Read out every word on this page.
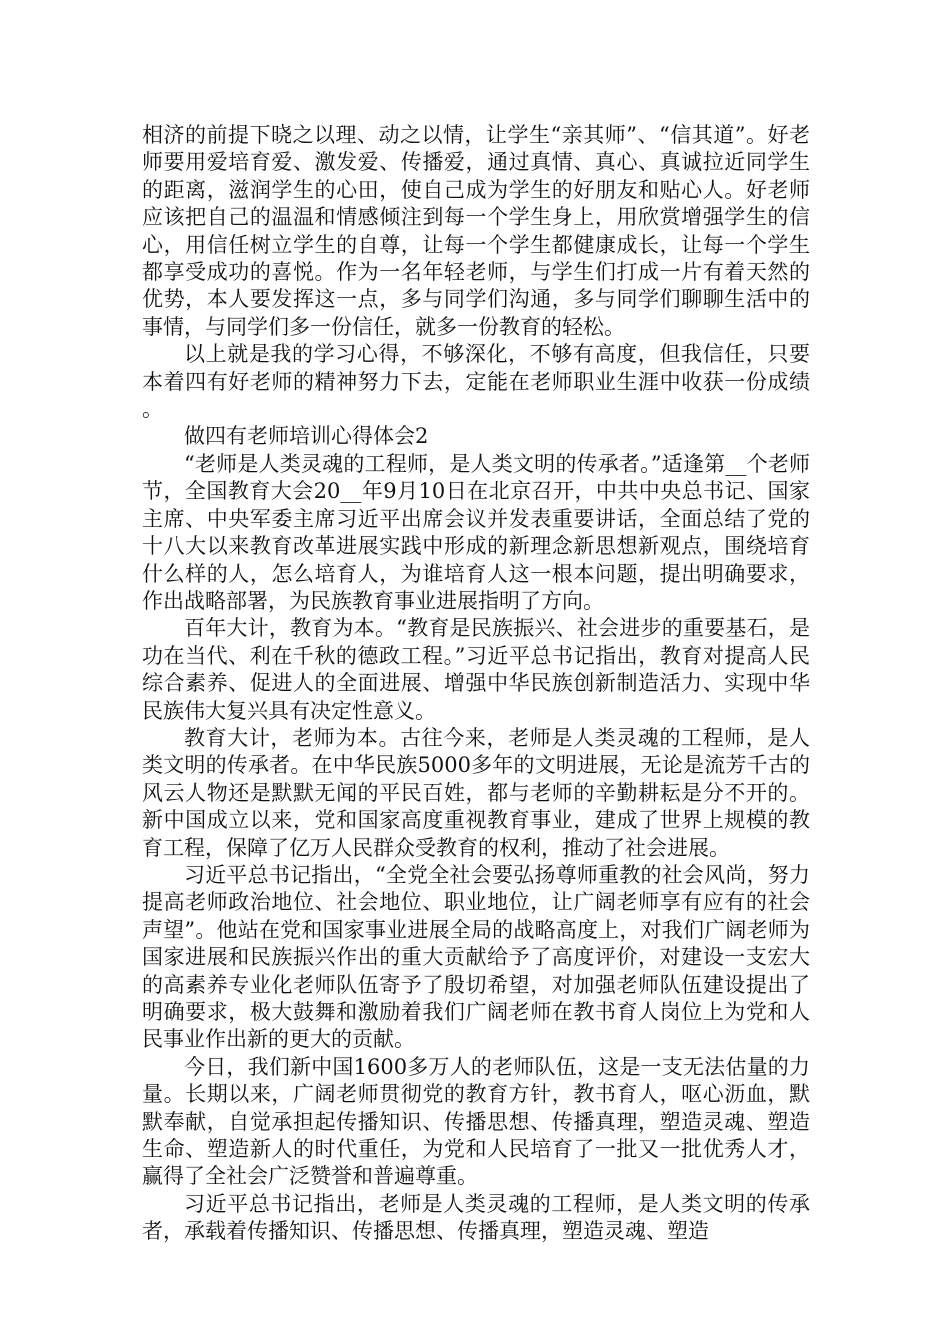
相济的前提下晓之以理、动之以情，让学生“亲其师”、“信其道”。好老师要用爱培育爱、激发爱、传播爱，通过真情、真心、真诚拉近同学生的距离，滋润学生的心田，使自己成为学生的好朋友和贴心人。好老师应该把自己的温温和情感倾注到每一个学生身上，用欣赏增强学生的信心，用信任树立学生的自尊，让每一个学生都健康成长，让每一个学生都享受成功的喜悦。作为一名年轻老师，与学生们打成一片有着天然的优势，本人要发挥这一点，多与同学们沟通，多与同学们聊聊生活中的事情，与同学们多一份信任，就多一份教育的轻松。

以上就是我的学习心得，不够深化，不够有高度，但我信任，只要本着四有好老师的精神努力下去，定能在老师职业生涯中收获一份成绩。

做四有老师培训心得体会2

“老师是人类灵魂的工程师，是人类文明的传承者。”适逢第__个老师节，全国教育大会20__年9月10日在北京召开，中共中央总书记、国家主席、中央军委主席习近平出席会议并发表重要讲话，全面总结了党的十八大以来教育改革进展实践中形成的新理念新思想新观点，围绕培育什么样的人，怎么培育人，为谁培育人这一根本问题，提出明确要求，作出战略部署，为民族教育事业进展指明了方向。

百年大计，教育为本。“教育是民族振兴、社会进步的重要基石，是功在当代、利在千秋的德政工程。”习近平总书记指出，教育对提高人民综合素养、促进人的全面进展、增强中华民族创新制造活力、实现中华民族伟大复兴具有决定性意义。

教育大计，老师为本。古往今来，老师是人类灵魂的工程师，是人类文明的传承者。在中华民族5000多年的文明进展，无论是流芳千古的风云人物还是默默无闻的平民百姓，都与老师的辛勤耕耘是分不开的。新中国成立以来，党和国家高度重视教育事业，建成了世界上规模的教育工程，保障了亿万人民群众受教育的权利，推动了社会进展。

习近平总书记指出，“全党全社会要弘扬尊师重教的社会风尚，努力提高老师政治地位、社会地位、职业地位，让广阔老师享有应有的社会声望”。他站在党和国家事业进展全局的战略高度上，对我们广阔老师为国家进展和民族振兴作出的重大贡献给予了高度评价，对建设一支宏大的高素养专业化老师队伍寄予了殷切希望，对加强老师队伍建设提出了明确要求，极大鼓舞和激励着我们广阔老师在教书育人岗位上为党和人民事业作出新的更大的贡献。

今日，我们新中国1600多万人的老师队伍，这是一支无法估量的力量。长期以来，广阔老师贯彻党的教育方针，教书育人，呕心沥血，默默奉献，自觉承担起传播知识、传播思想、传播真理，塑造灵魂、塑造生命、塑造新人的时代重任，为党和人民培育了一批又一批优秀人才，赢得了全社会广泛赞誉和普遍尊重。

习近平总书记指出，老师是人类灵魂的工程师，是人类文明的传承者，承载着传播知识、传播思想、传播真理，塑造灵魂、塑造
